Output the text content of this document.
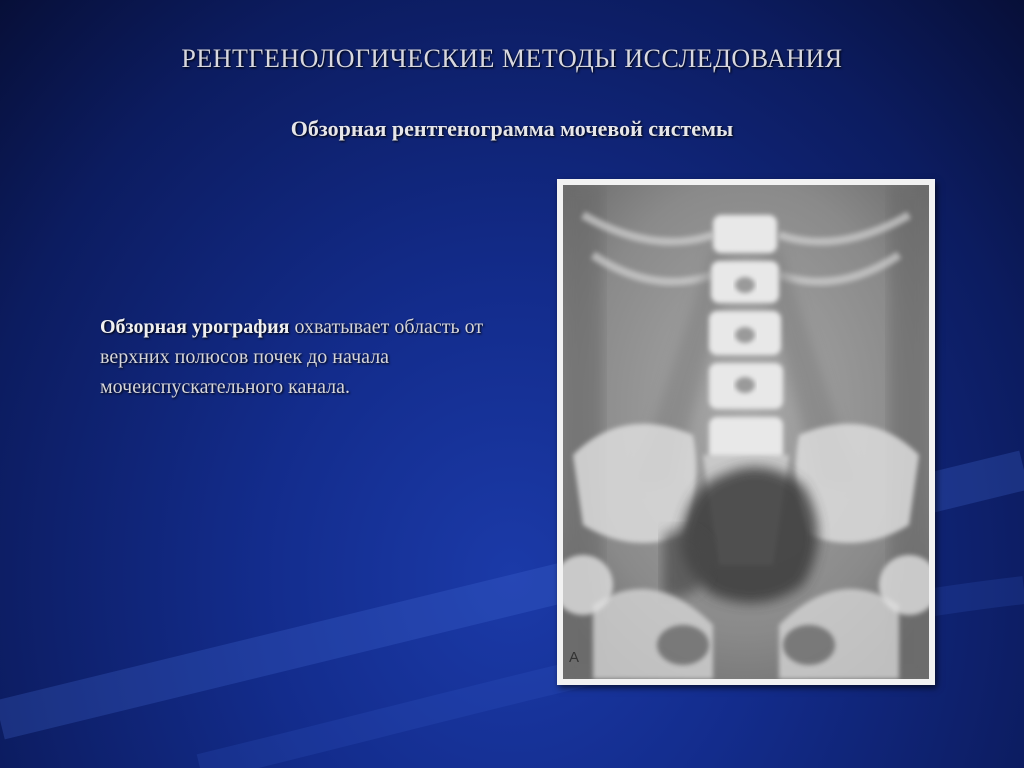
РЕНТГЕНОЛОГИЧЕСКИЕ МЕТОДЫ ИССЛЕДОВАНИЯ
Обзорная рентгенограмма мочевой системы
Обзорная урография охватывает область от верхних полюсов почек до начала мочеиспускательного канала.
А
